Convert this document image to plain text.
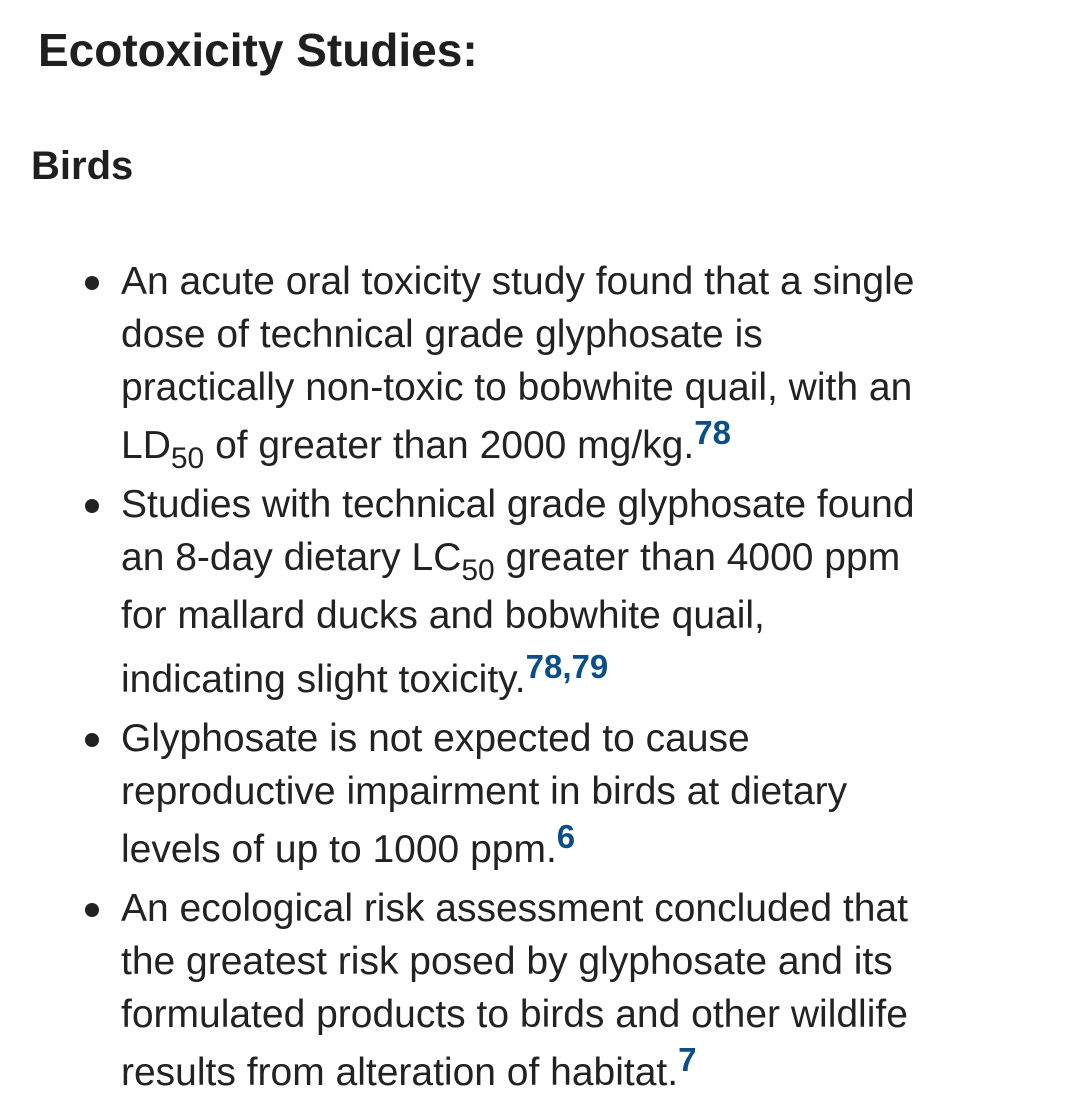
Ecotoxicity Studies:
Birds
An acute oral toxicity study found that a single
dose of technical grade glyphosate is
practically non-toxic to bobwhite quail, with an
$LD_{50}$ of greater than 2000 mg/kg.$^{78}$
Studies with technical grade glyphosate found
an 8-day dietary $LC_{50}$ greater than 4000 ppm
for mallard ducks and bobwhite quail,
indicating slight toxicity.$^{78,79}$
Glyphosate is not expected to cause
reproductive impairment in birds at dietary
levels of up to 1000 ppm.$^6$
An ecological risk assessment concluded that
the greatest risk posed by glyphosate and its
formulated products to birds and other wildlife
results from alteration of habitat.$^7$
